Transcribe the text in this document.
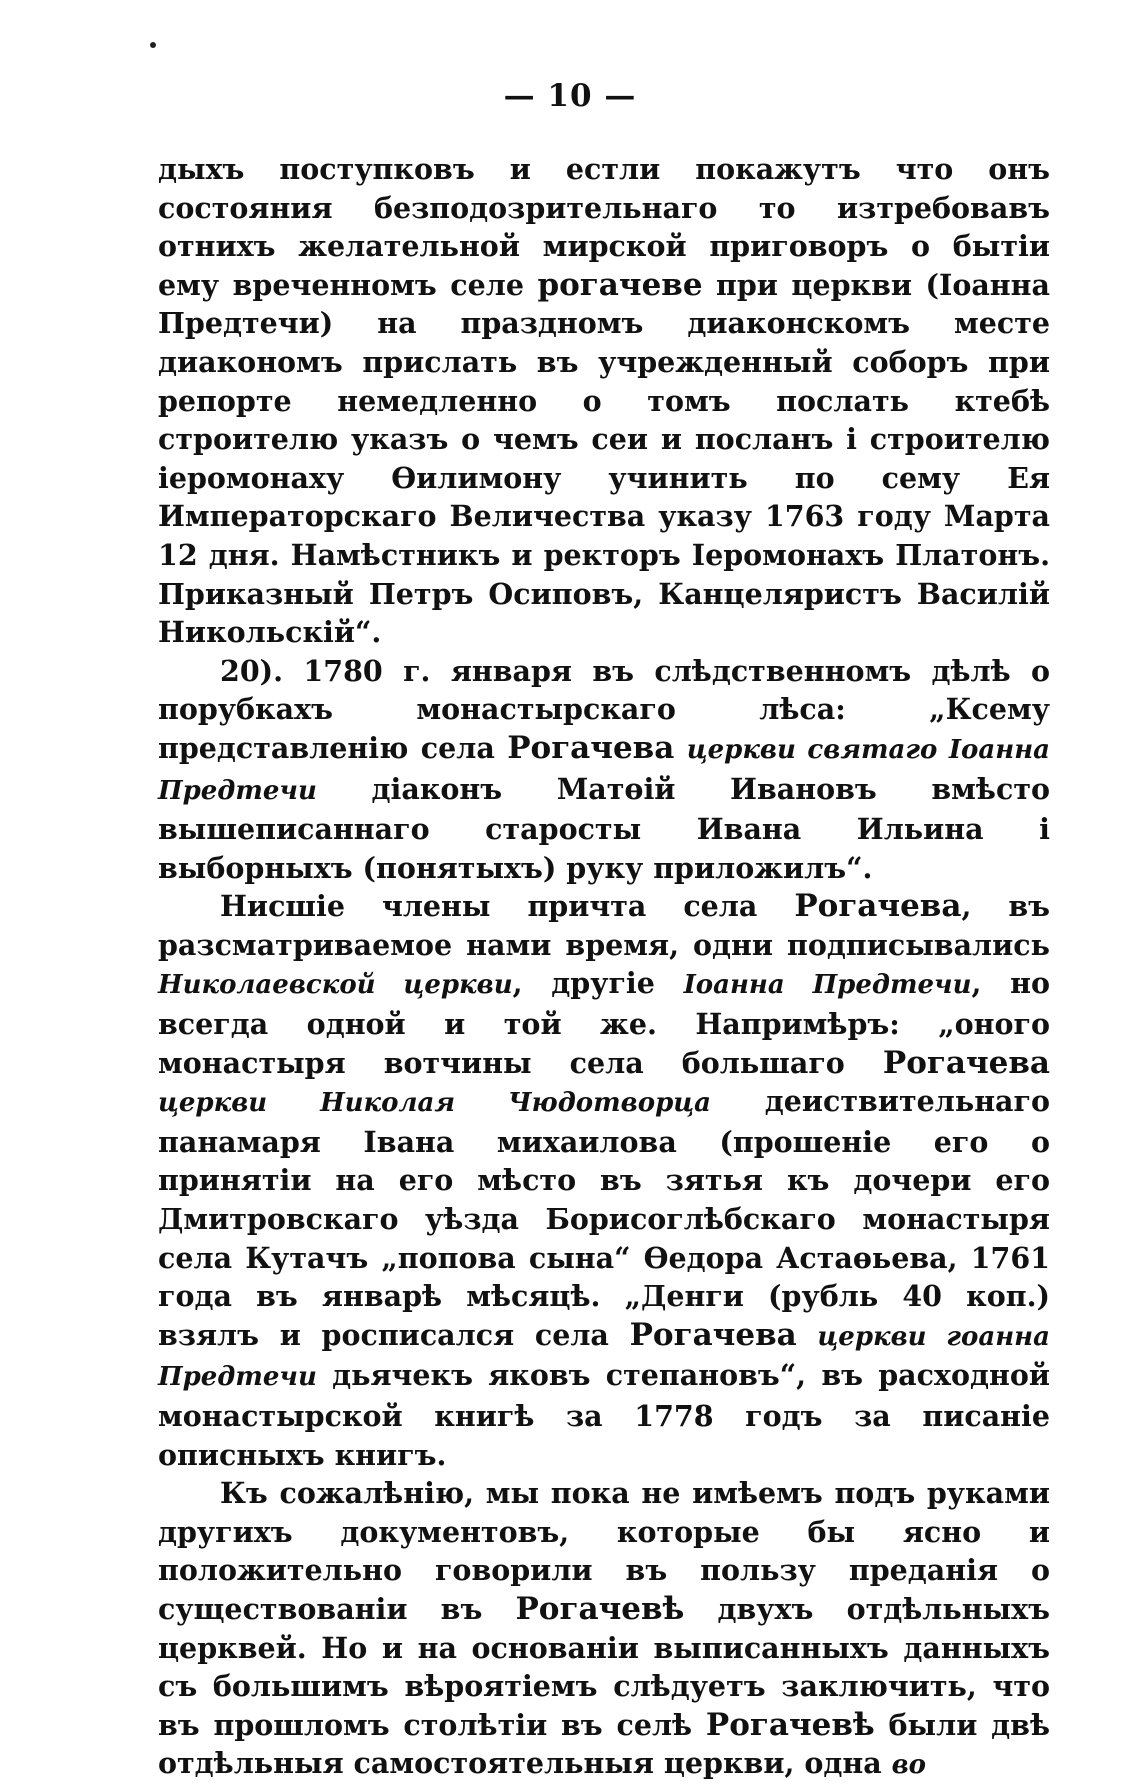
— 10 —

дыхъ поступковъ и естли покажутъ что онъ состояния безподозрительнаго то изтребовавъ отнихъ желательной мирской приговоръ о бытiи ему вреченномъ селе рогачеве при церкви (Iоанна Предтечи) на праздномъ диаконскомъ месте диакономъ прислать въ учрежденный соборъ при репорте немедленно о томъ послать ктебѣ строителю указъ о чемъ сеи и посланъ i строителю iеромонаху Өилимону учинить по сему Ея Императорскаго Величества указу 1763 году Марта 12 дня. Намѣстникъ и ректоръ Iеромонахъ Платонъ. Приказный Петръ Осиповъ, Канцеляристъ Василiй Никольскiй“.

20). 1780 г. января въ слѣдственномъ дѣлѣ о порубкахъ монастырскаго лѣса: „Ксему представленiю села Рогачева церкви святаго Iоанна Предтечи дiаконъ Матөiй Ивановъ вмѣсто вышеписаннаго старосты Ивана Ильина i выборныхъ (понятыхъ) руку приложилъ“.

Нисшiе члены причта села Рогачева, въ разсматриваемое нами время, одни подписывались Николаевской церкви, другiе Iоанна Предтечи, но всегда одной и той же. Напримѣръ: „оного монастыря вотчины села большаго Рогачева церкви Николая Чюдотворца деиствительнаго панамаря Iвана михаилова (прошенiе его о принятiи на его мѣсто въ зятья къ дочери его Дмитровскаго уѣзда Борисоглѣбскаго монастыря села Кутачъ „попова сына“ Өедора Астаөьева, 1761 года въ январѣ мѣсяцѣ. „Денги (рубль 40 коп.) взялъ и росписался села Рогачева церкви гоанна Предтечи дьячекъ яковъ степановъ“, въ расходной монастырской книгѣ за 1778 годъ за писанiе описныхъ книгъ.

Къ сожалѣнiю, мы пока не имѣемъ подъ руками другихъ документовъ, которые бы ясно и положительно говорили въ пользу преданiя о существованiи въ Рогачевѣ двухъ отдѣльныхъ церквей. Но и на основанiи выписанныхъ данныхъ съ большимъ вѣроятiемъ слѣдуетъ заключить, что въ прошломъ столѣтiи въ селѣ Рогачевѣ были двѣ отдѣльныя самостоятельныя церкви, одна во
